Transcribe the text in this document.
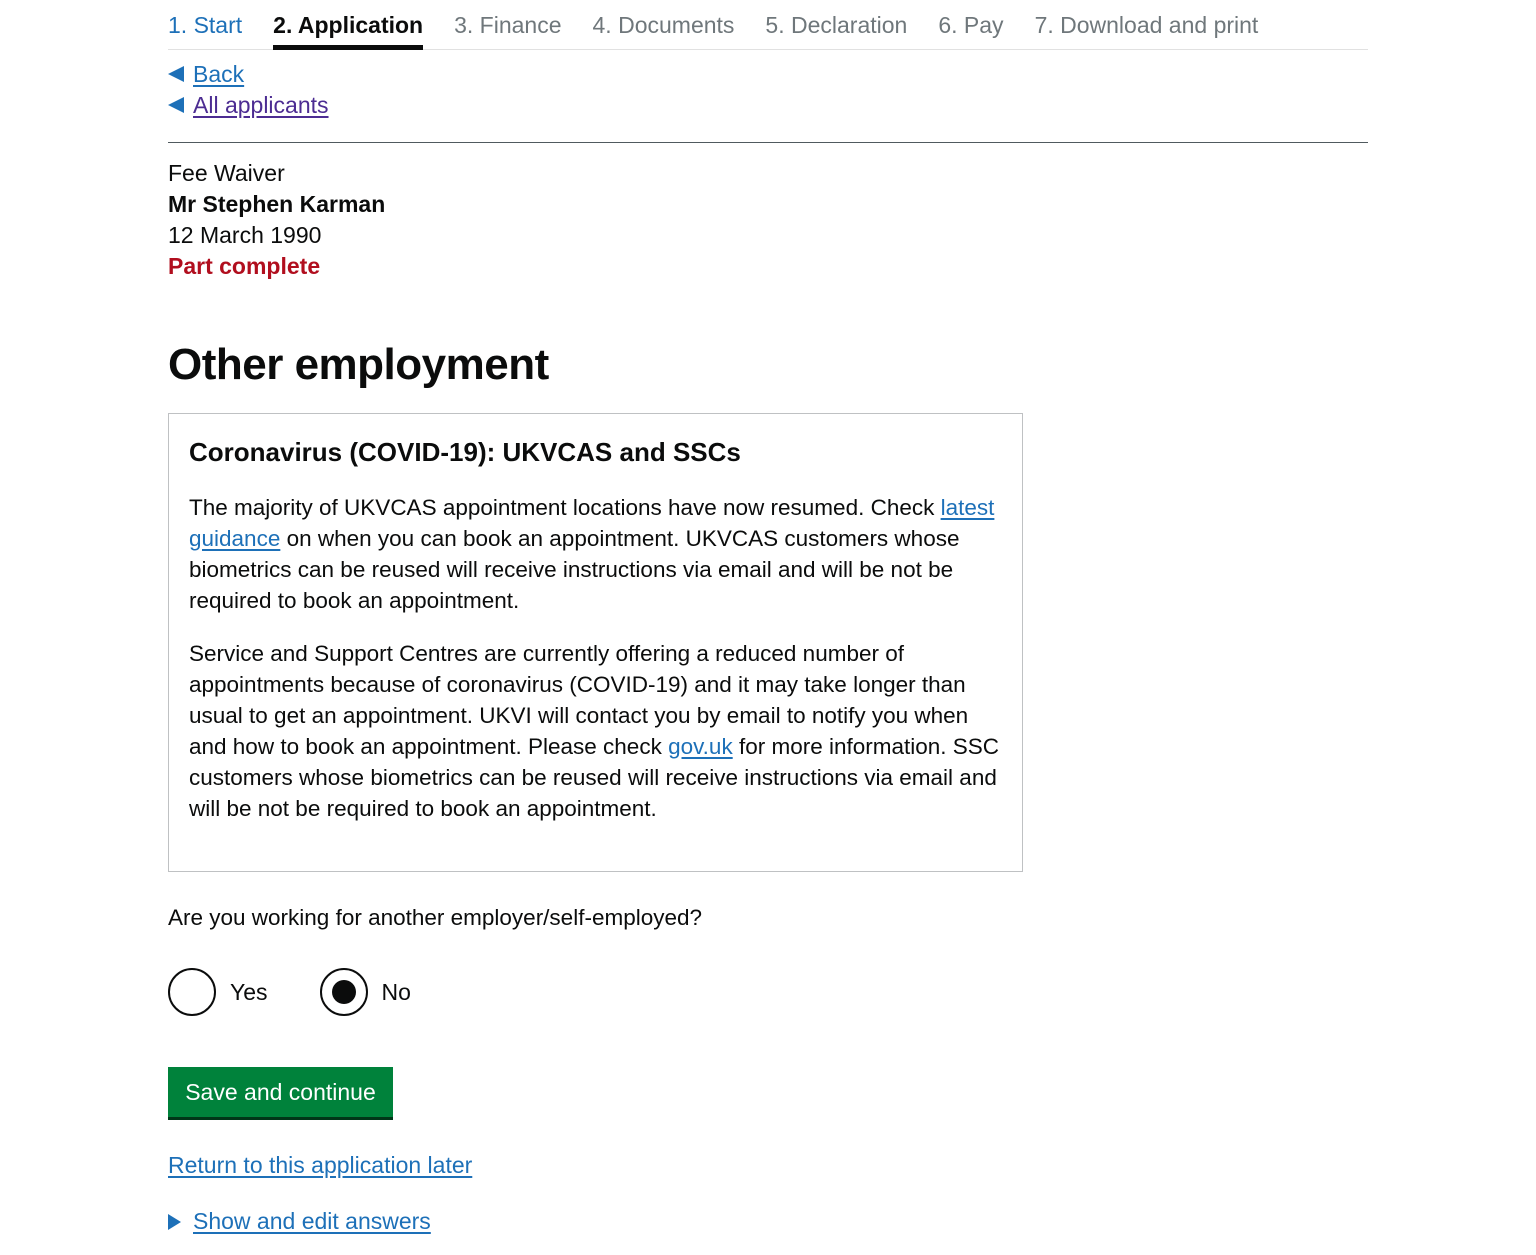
1. Start 2. Application 3. Finance 4. Documents 5. Declaration 6. Pay 7. Download and print
Back
All applicants
Fee Waiver
Mr Stephen Karman
12 March 1990
Part complete
Other employment
Coronavirus (COVID-19): UKVCAS and SSCs

The majority of UKVCAS appointment locations have now resumed. Check latest guidance on when you can book an appointment. UKVCAS customers whose biometrics can be reused will receive instructions via email and will be not be required to book an appointment.

Service and Support Centres are currently offering a reduced number of appointments because of coronavirus (COVID-19) and it may take longer than usual to get an appointment. UKVI will contact you by email to notify you when and how to book an appointment. Please check gov.uk for more information. SSC customers whose biometrics can be reused will receive instructions via email and will be not be required to book an appointment.

Are you working for another employer/self-employed?
Yes	No
Save and continue
Return to this application later
Show and edit answers
